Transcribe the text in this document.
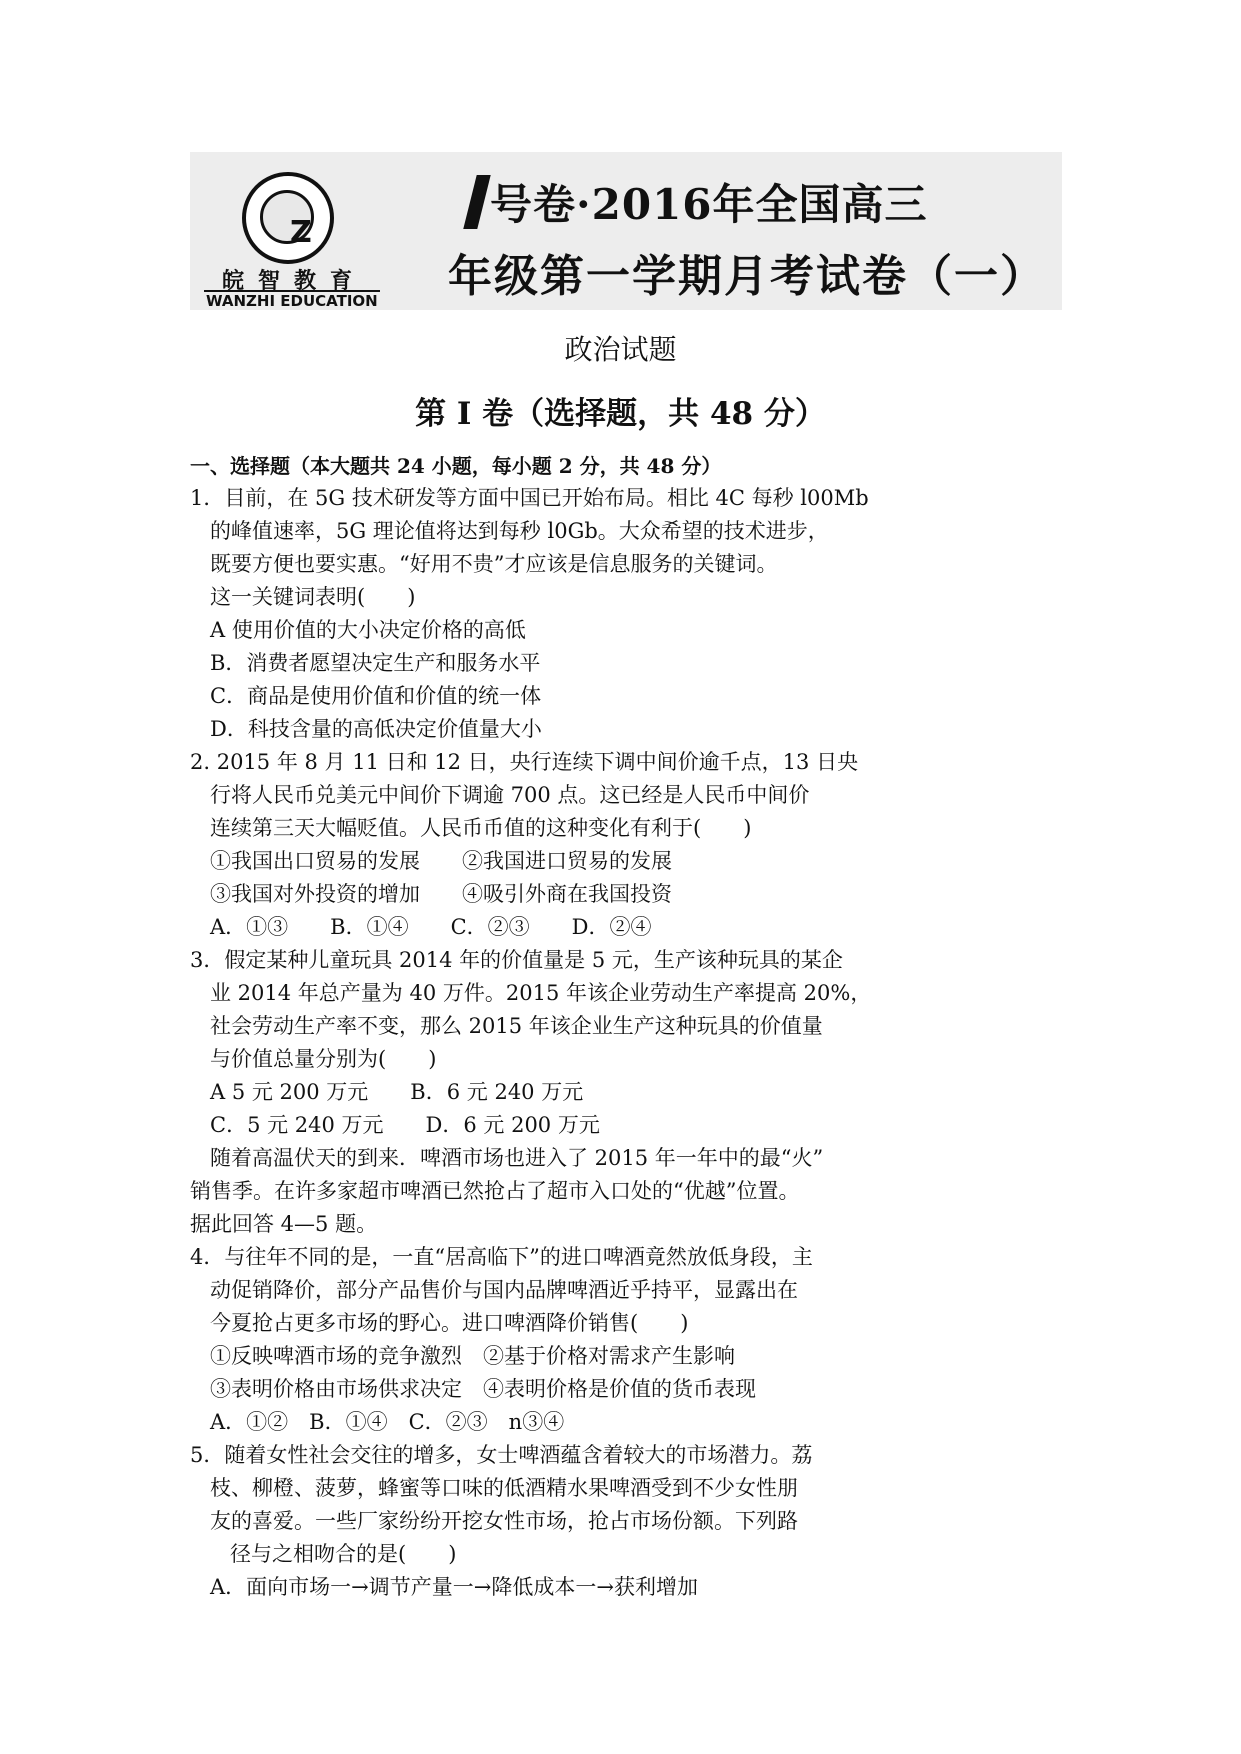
Z
皖智教育
WANZHI EDUCATION
号卷·2016年全国高三
年级第一学期月考试卷（一）
政治试题
第 I 卷（选择题，共 48 分）
一、选择题（本大题共 24 小题，每小题 2 分，共 48 分）
1．目前，在 5G 技术研发等方面中国已开始布局。相比 4C 每秒 l00Mb
的峰值速率，5G 理论值将达到每秒 l0Gb。大众希望的技术进步，
既要方便也要实惠。“好用不贵”才应该是信息服务的关键词。
这一关键词表明(　　)
A 使用价值的大小决定价格的高低
B．消费者愿望决定生产和服务水平
C．商品是使用价值和价值的统一体
D．科技含量的高低决定价值量大小
2. 2015 年 8 月 11 日和 12 日，央行连续下调中间价逾千点，13 日央
行将人民币兑美元中间价下调逾 700 点。这已经是人民币中间价
连续第三天大幅贬值。人民币币值的这种变化有利于(　　)
①我国出口贸易的发展　　②我国进口贸易的发展
③我国对外投资的增加　　④吸引外商在我国投资
A．①③　　B．①④　　C．②③　　D．②④
3．假定某种儿童玩具 2014 年的价值量是 5 元，生产该种玩具的某企
业 2014 年总产量为 40 万件。2015 年该企业劳动生产率提高 20%，
社会劳动生产率不变，那么 2015 年该企业生产这种玩具的价值量
与价值总量分别为(　　)
A 5 元 200 万元　　B．6 元 240 万元
C．5 元 240 万元　　D．6 元 200 万元
随着高温伏天的到来．啤酒市场也进入了 2015 年一年中的最“火”
销售季。在许多家超市啤酒已然抢占了超市入口处的“优越”位置。
据此回答 4—5 题。
4．与往年不同的是，一直“居高临下”的进口啤酒竟然放低身段，主
动促销降价，部分产品售价与国内品牌啤酒近乎持平，显露出在
今夏抢占更多市场的野心。进口啤酒降价销售(　　)
①反映啤酒市场的竞争激烈　②基于价格对需求产生影响
③表明价格由市场供求决定　④表明价格是价值的货币表现
A．①②　B．①④　C．②③　n③④
5．随着女性社会交往的增多，女士啤酒蕴含着较大的市场潜力。荔
枝、柳橙、菠萝，蜂蜜等口味的低酒精水果啤酒受到不少女性朋
友的喜爱。一些厂家纷纷开挖女性市场，抢占市场份额。下列路
径与之相吻合的是(　　)
A．面向市场一→调节产量一→降低成本一→获利增加
